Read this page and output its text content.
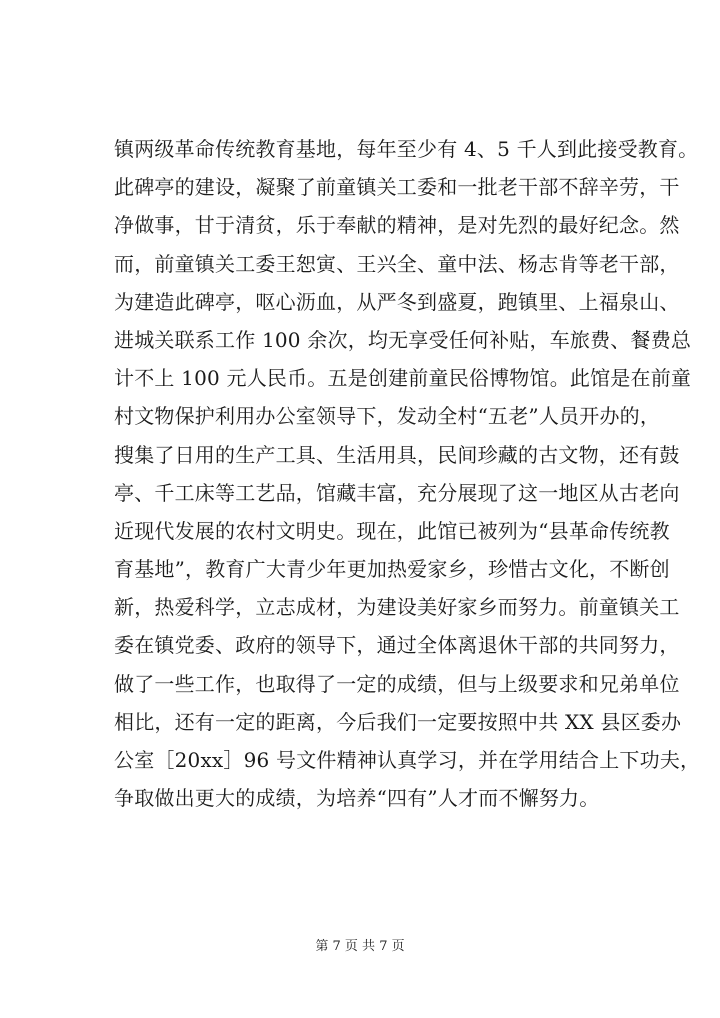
镇两级革命传统教育基地，每年至少有 4、5 千人到此接受教育。
此碑亭的建设，凝聚了前童镇关工委和一批老干部不辞辛劳，干
净做事，甘于清贫，乐于奉献的精神，是对先烈的最好纪念。然
而，前童镇关工委王恕寅、王兴全、童中法、杨志肯等老干部，
为建造此碑亭，呕心沥血，从严冬到盛夏，跑镇里、上福泉山、
进城关联系工作 100 余次，均无享受任何补贴，车旅费、餐费总
计不上 100 元人民币。五是创建前童民俗博物馆。此馆是在前童
村文物保护利用办公室领导下，发动全村“五老”人员开办的，
搜集了日用的生产工具、生活用具，民间珍藏的古文物，还有鼓
亭、千工床等工艺品，馆藏丰富，充分展现了这一地区从古老向
近现代发展的农村文明史。现在，此馆已被列为“县革命传统教
育基地”，教育广大青少年更加热爱家乡，珍惜古文化，不断创
新，热爱科学，立志成材，为建设美好家乡而努力。前童镇关工
委在镇党委、政府的领导下，通过全体离退休干部的共同努力，
做了一些工作，也取得了一定的成绩，但与上级要求和兄弟单位
相比，还有一定的距离，今后我们一定要按照中共 XX 县区委办
公室［20xx］96 号文件精神认真学习，并在学用结合上下功夫，
争取做出更大的成绩，为培养“四有”人才而不懈努力。
第 7 页 共 7 页
